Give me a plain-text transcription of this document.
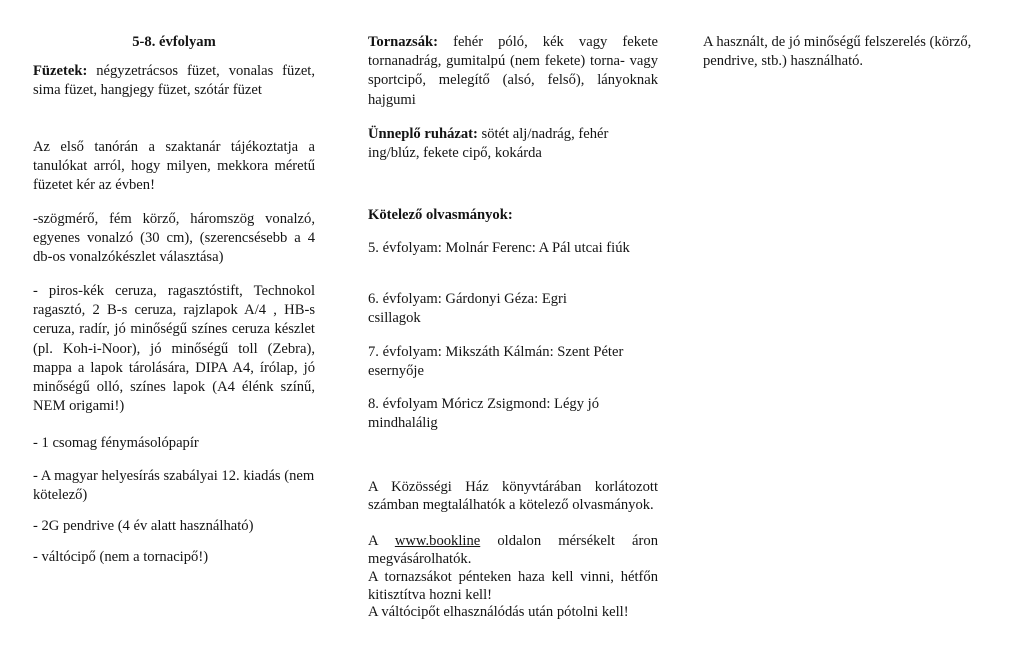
5-8. évfolyam

Füzetek: négyzetrácsos füzet, vonalas füzet, sima füzet, hangjegy füzet, szótár füzet

Az első tanórán a szaktanár tájékoztatja a tanulókat arról, hogy milyen, mekkora méretű füzetet kér az évben!

-szögmérő, fém körző, háromszög vonalzó, egyenes vonalzó (30 cm), (szerencsésebb a 4 db-os vonalzókészlet választása)

- piros-kék ceruza, ragasztóstift, Technokol ragasztó, 2 B-s ceruza, rajzlapok A/4 , HB-s ceruza, radír, jó minőségű színes ceruza készlet (pl. Koh-i-Noor), jó minőségű toll (Zebra), mappa a lapok tárolására, DIPA A4, írólap, jó minőségű olló, színes lapok (A4 élénk színű, NEM origami!)

- 1 csomag fénymásolópapír

- A magyar helyesírás szabályai 12. kiadás (nem kötelező)

- 2G pendrive (4 év alatt használható)

- váltócipő (nem a tornacipő!)

Tornazsák: fehér póló, kék vagy fekete tornanadrág, gumitalpú (nem fekete) torna- vagy sportcipő, melegítő (alsó, felső), lányoknak hajgumi

Ünneplő ruházat: sötét alj/nadrág, fehér ing/blúz, fekete cipő, kokárda

Kötelező olvasmányok:

5. évfolyam: Molnár Ferenc: A Pál utcai fiúk

6. évfolyam: Gárdonyi Géza: Egri csillagok

7. évfolyam: Mikszáth Kálmán: Szent Péter esernyője

8. évfolyam Móricz Zsigmond: Légy jó mindhalálig

A Közösségi Ház könyvtárában korlátozott számban megtalálhatók a kötelező olvasmányok.

A www.bookline oldalon mérsékelt áron megvásárolhatók.

A tornazsákot pénteken haza kell vinni, hétfőn kitisztítva hozni kell!

A váltócipőt elhasználódás után pótolni kell!

A használt, de jó minőségű felszerelés (körző, pendrive, stb.) használható.
